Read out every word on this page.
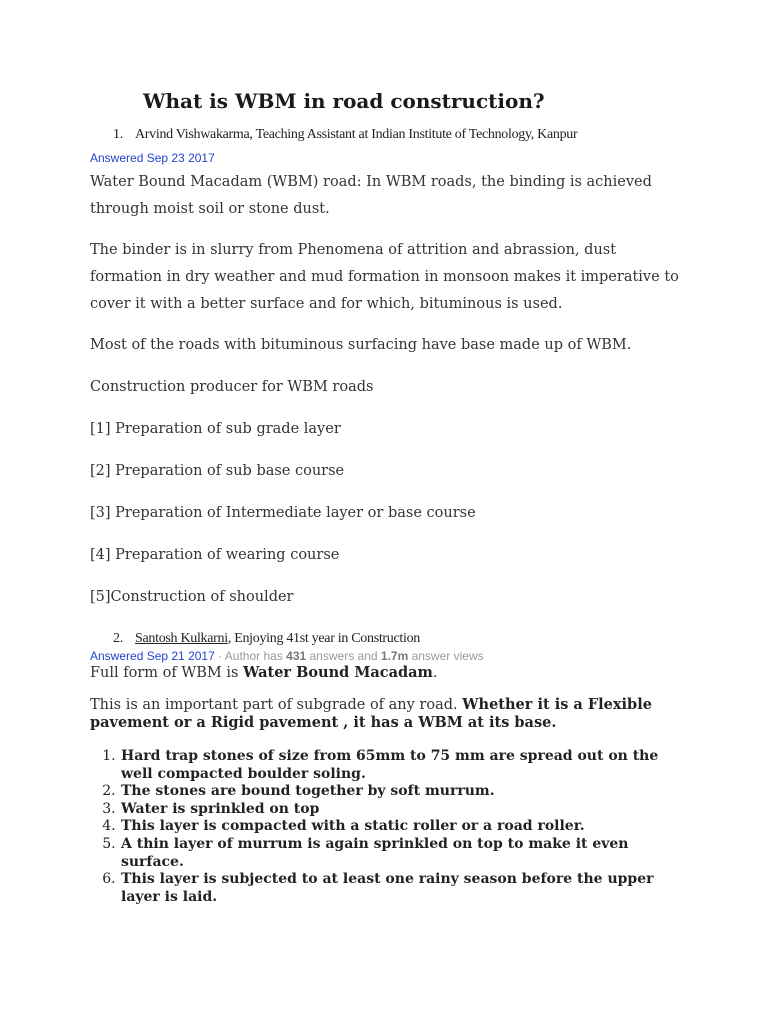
What is WBM in road construction?
1. Arvind Vishwakarma, Teaching Assistant at Indian Institute of Technology, Kanpur
Answered Sep 23 2017

Water Bound Macadam (WBM) road: In WBM roads, the binding is achieved through moist soil or stone dust.

The binder is in slurry from Phenomena of attrition and abrassion, dust formation in dry weather and mud formation in monsoon makes it imperative to cover it with a better surface and for which, bituminous is used.

Most of the roads with bituminous surfacing have base made up of WBM.
Construction producer for WBM roads
[1] Preparation of sub grade layer
[2] Preparation of sub base course
[3] Preparation of Intermediate layer or base course
[4] Preparation of wearing course
[5]Construction of shoulder
2. Santosh Kulkarni, Enjoying 41st year in Construction
Answered Sep 21 2017 · Author has 431 answers and 1.7m answer views
Full form of WBM is Water Bound Macadam.
This is an important part of subgrade of any road. Whether it is a Flexible pavement or a Rigid pavement , it has a WBM at its base.
1. Hard trap stones of size from 65mm to 75 mm are spread out on the well compacted boulder soling.
2. The stones are bound together by soft murrum.
3. Water is sprinkled on top
4. This layer is compacted with a static roller or a road roller.
5. A thin layer of murrum is again sprinkled on top to make it even surface.
6. This layer is subjected to at least one rainy season before the upper layer is laid.
